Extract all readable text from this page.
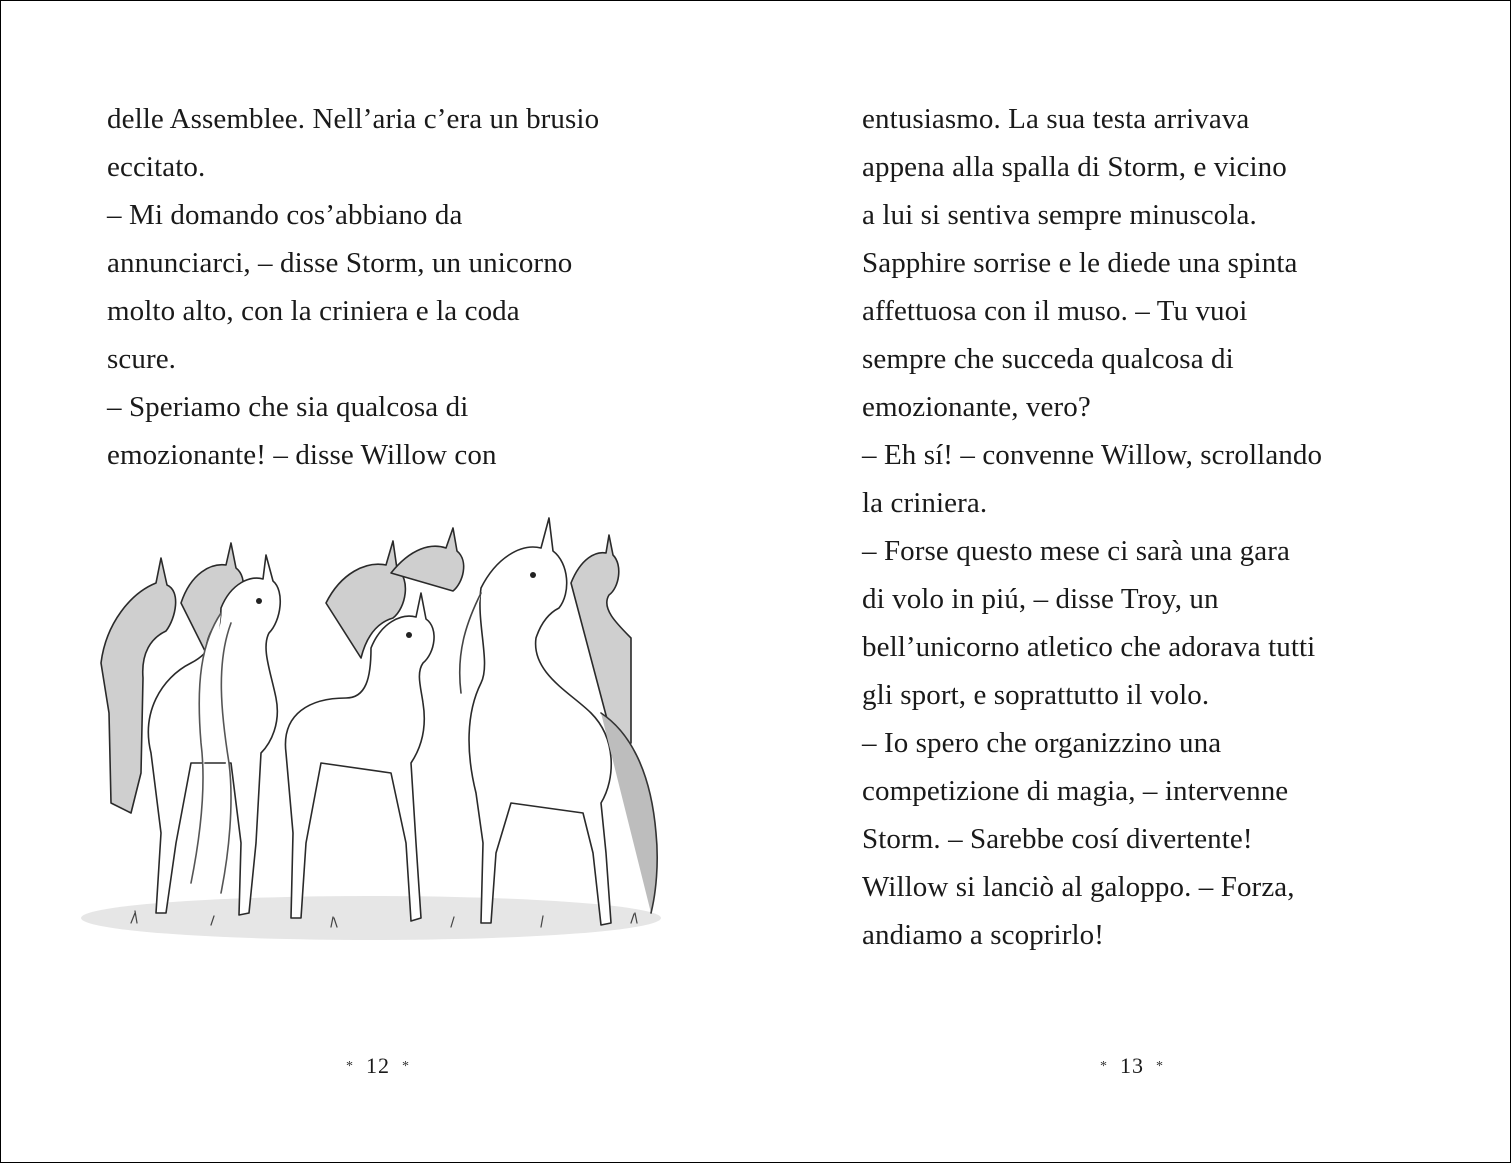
delle Assemblee. Nell’aria c’era un brusio
eccitato.
– Mi domando cos’abbiano da
annunciarci, – disse Storm, un unicorno
molto alto, con la criniera e la coda
scure.
– Speriamo che sia qualcosa di
emozionante! – disse Willow con
* 12 *
entusiasmo. La sua testa arrivava
appena alla spalla di Storm, e vicino
a lui si sentiva sempre minuscola.
Sapphire sorrise e le diede una spinta
affettuosa con il muso. – Tu vuoi
sempre che succeda qualcosa di
emozionante, vero?
– Eh sí! – convenne Willow, scrollando
la criniera.
– Forse questo mese ci sarà una gara
di volo in piú, – disse Troy, un
bell’unicorno atletico che adorava tutti
gli sport, e soprattutto il volo.
– Io spero che organizzino una
competizione di magia, – intervenne
Storm. – Sarebbe cosí divertente!
Willow si lanciò al galoppo. – Forza,
andiamo a scoprirlo!
* 13 *
